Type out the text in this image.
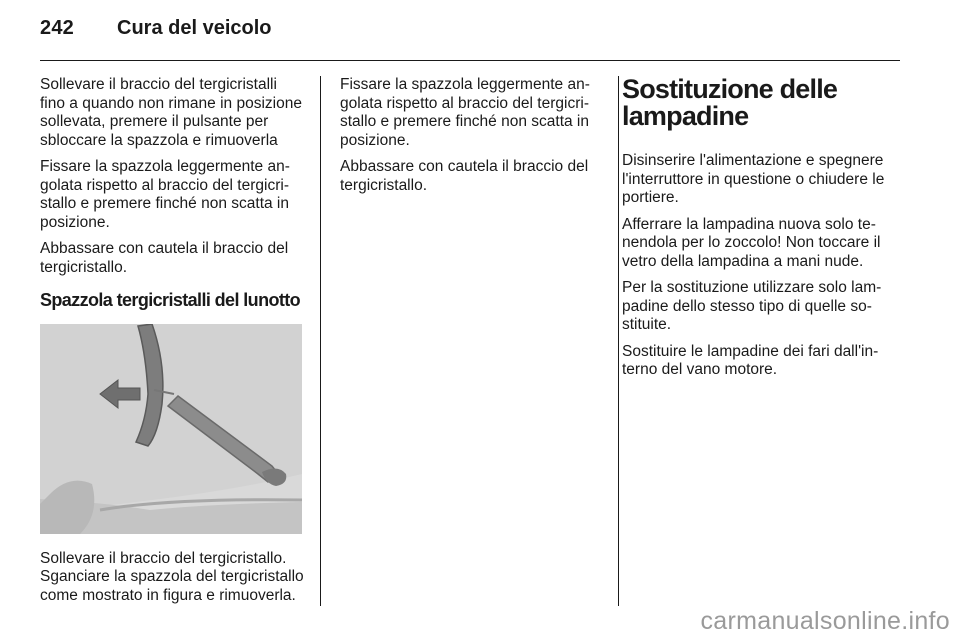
242 Cura del veicolo

Sollevare il braccio del tergicristalli fino a quando non rimane in posizione sollevata, premere il pulsante per sbloccare la spazzola e rimuoverla

Fissare la spazzola leggermente angolata rispetto al braccio del tergicristallo e premere finché non scatta in posizione.

Abbassare con cautela il braccio del tergicristallo.

Spazzola tergicristalli del lunotto

Sollevare il braccio del tergicristallo. Sganciare la spazzola del tergicristallo come mostrato in figura e rimuoverla.

Fissare la spazzola leggermente angolata rispetto al braccio del tergicristallo e premere finché non scatta in posizione.

Abbassare con cautela il braccio del tergicristallo.

Sostituzione delle lampadine

Disinserire l'alimentazione e spegnere l'interruttore in questione o chiudere le portiere.

Afferrare la lampadina nuova solo tenendola per lo zoccolo! Non toccare il vetro della lampadina a mani nude.

Per la sostituzione utilizzare solo lampadine dello stesso tipo di quelle sostituite.

Sostituire le lampadine dei fari dall'interno del vano motore.

carmanualsonline.info
